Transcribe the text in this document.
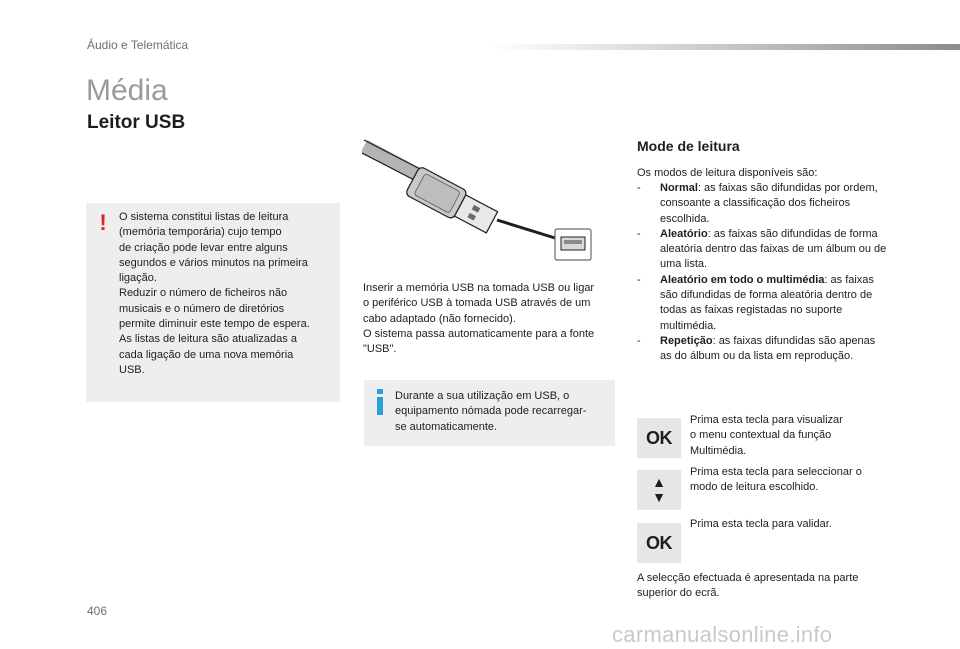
Áudio e Telemática
Média
Leitor USB
!	O sistema constitui listas de leitura
(memória temporária) cujo tempo
de criação pode levar entre alguns
segundos e vários minutos na primeira
ligação.
Reduzir o número de ficheiros não
musicais e o número de diretórios
permite diminuir este tempo de espera.
As listas de leitura são atualizadas a
cada ligação de uma nova memória
USB.
Inserir a memória USB na tomada USB ou ligar
o periférico USB à tomada USB através de um
cabo adaptado (não fornecido).
O sistema passa automaticamente para a fonte
"USB".
Durante a sua utilização em USB, o
equipamento nómada pode recarregar-
se automaticamente.
Mode de leitura
Os modos de leitura disponíveis são:
- Normal: as faixas são difundidas por ordem, consoante a classificação dos ficheiros escolhida.
- Aleatório: as faixas são difundidas de forma aleatória dentro das faixas de um álbum ou de uma lista.
- Aleatório em todo o multimédia: as faixas são difundidas de forma aleatória dentro de todas as faixas registadas no suporte multimédia.
- Repetição: as faixas difundidas são apenas as do álbum ou da lista em reprodução.
OK
Prima esta tecla para visualizar
o menu contextual da função
Multimédia.
▲
▼
Prima esta tecla para seleccionar o
modo de leitura escolhido.
OK
Prima esta tecla para validar.
A selecção efectuada é apresentada na parte
superior do ecrã.
406
carmanualsonline.info
